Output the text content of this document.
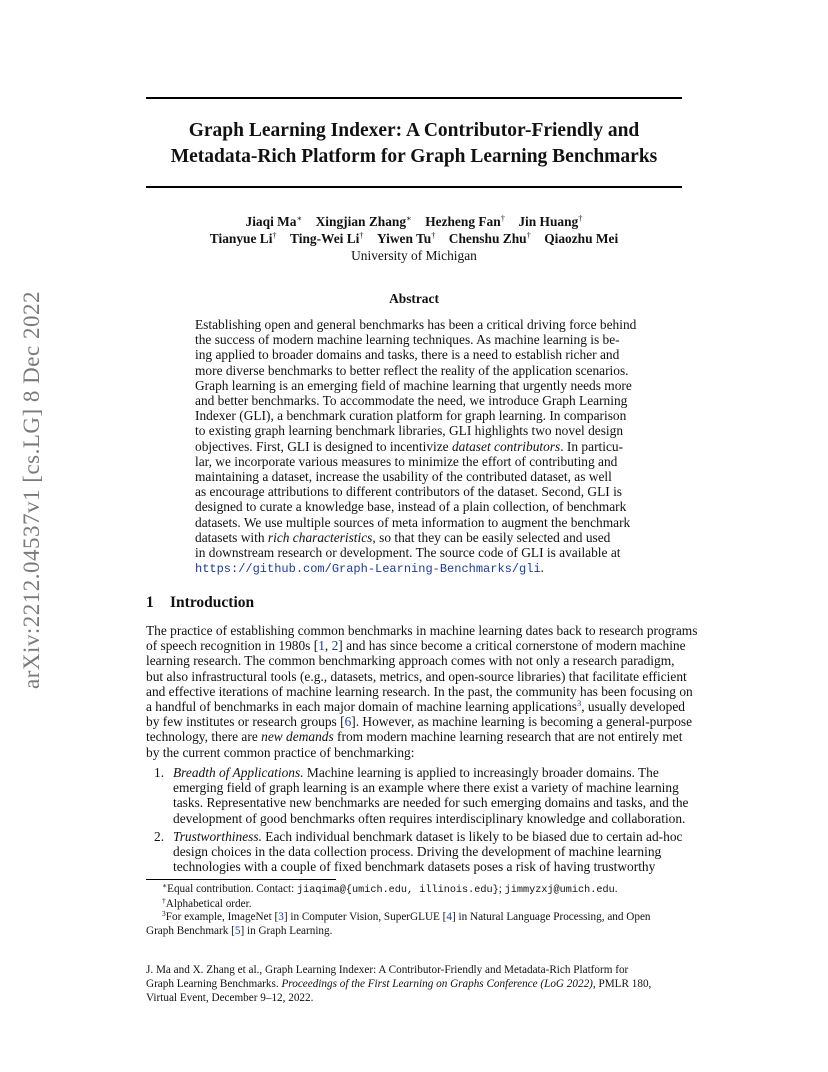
arXiv:2212.04537v1 [cs.LG] 8 Dec 2022
Graph Learning Indexer: A Contributor-Friendly and
Metadata-Rich Platform for Graph Learning Benchmarks
Jiaqi Ma∗ Xingjian Zhang∗ Hezheng Fan† Jin Huang†
Tianyue Li† Ting-Wei Li† Yiwen Tu† Chenshu Zhu† Qiaozhu Mei
University of Michigan
Abstract
Establishing open and general benchmarks has been a critical driving force behind
the success of modern machine learning techniques. As machine learning is be-
ing applied to broader domains and tasks, there is a need to establish richer and
more diverse benchmarks to better reflect the reality of the application scenarios.
Graph learning is an emerging field of machine learning that urgently needs more
and better benchmarks. To accommodate the need, we introduce Graph Learning
Indexer (GLI), a benchmark curation platform for graph learning. In comparison
to existing graph learning benchmark libraries, GLI highlights two novel design
objectives. First, GLI is designed to incentivize dataset contributors. In particu-
lar, we incorporate various measures to minimize the effort of contributing and
maintaining a dataset, increase the usability of the contributed dataset, as well
as encourage attributions to different contributors of the dataset. Second, GLI is
designed to curate a knowledge base, instead of a plain collection, of benchmark
datasets. We use multiple sources of meta information to augment the benchmark
datasets with rich characteristics, so that they can be easily selected and used
in downstream research or development. The source code of GLI is available at
https://github.com/Graph-Learning-Benchmarks/gli.
1 Introduction
The practice of establishing common benchmarks in machine learning dates back to research programs
of speech recognition in 1980s [1, 2] and has since become a critical cornerstone of modern machine
learning research. The common benchmarking approach comes with not only a research paradigm,
but also infrastructural tools (e.g., datasets, metrics, and open-source libraries) that facilitate efficient
and effective iterations of machine learning research. In the past, the community has been focusing on
a handful of benchmarks in each major domain of machine learning applications$^3$, usually developed
by few institutes or research groups [6]. However, as machine learning is becoming a general-purpose
technology, there are new demands from modern machine learning research that are not entirely met
by the current common practice of benchmarking:
1. Breadth of Applications. Machine learning is applied to increasingly broader domains. The
emerging field of graph learning is an example where there exist a variety of machine learning
tasks. Representative new benchmarks are needed for such emerging domains and tasks, and the
development of good benchmarks often requires interdisciplinary knowledge and collaboration.
2. Trustworthiness. Each individual benchmark dataset is likely to be biased due to certain ad-hoc
design choices in the data collection process. Driving the development of machine learning
technologies with a couple of fixed benchmark datasets poses a risk of having trustworthy
∗Equal contribution. Contact: jiaqima@{umich.edu, illinois.edu}; jimmyzxj@umich.edu.
†Alphabetical order.
$^3$For example, ImageNet [3] in Computer Vision, SuperGLUE [4] in Natural Language Processing, and Open
Graph Benchmark [5] in Graph Learning.
J. Ma and X. Zhang et al., Graph Learning Indexer: A Contributor-Friendly and Metadata-Rich Platform for
Graph Learning Benchmarks. Proceedings of the First Learning on Graphs Conference (LoG 2022), PMLR 180,
Virtual Event, December 9–12, 2022.
